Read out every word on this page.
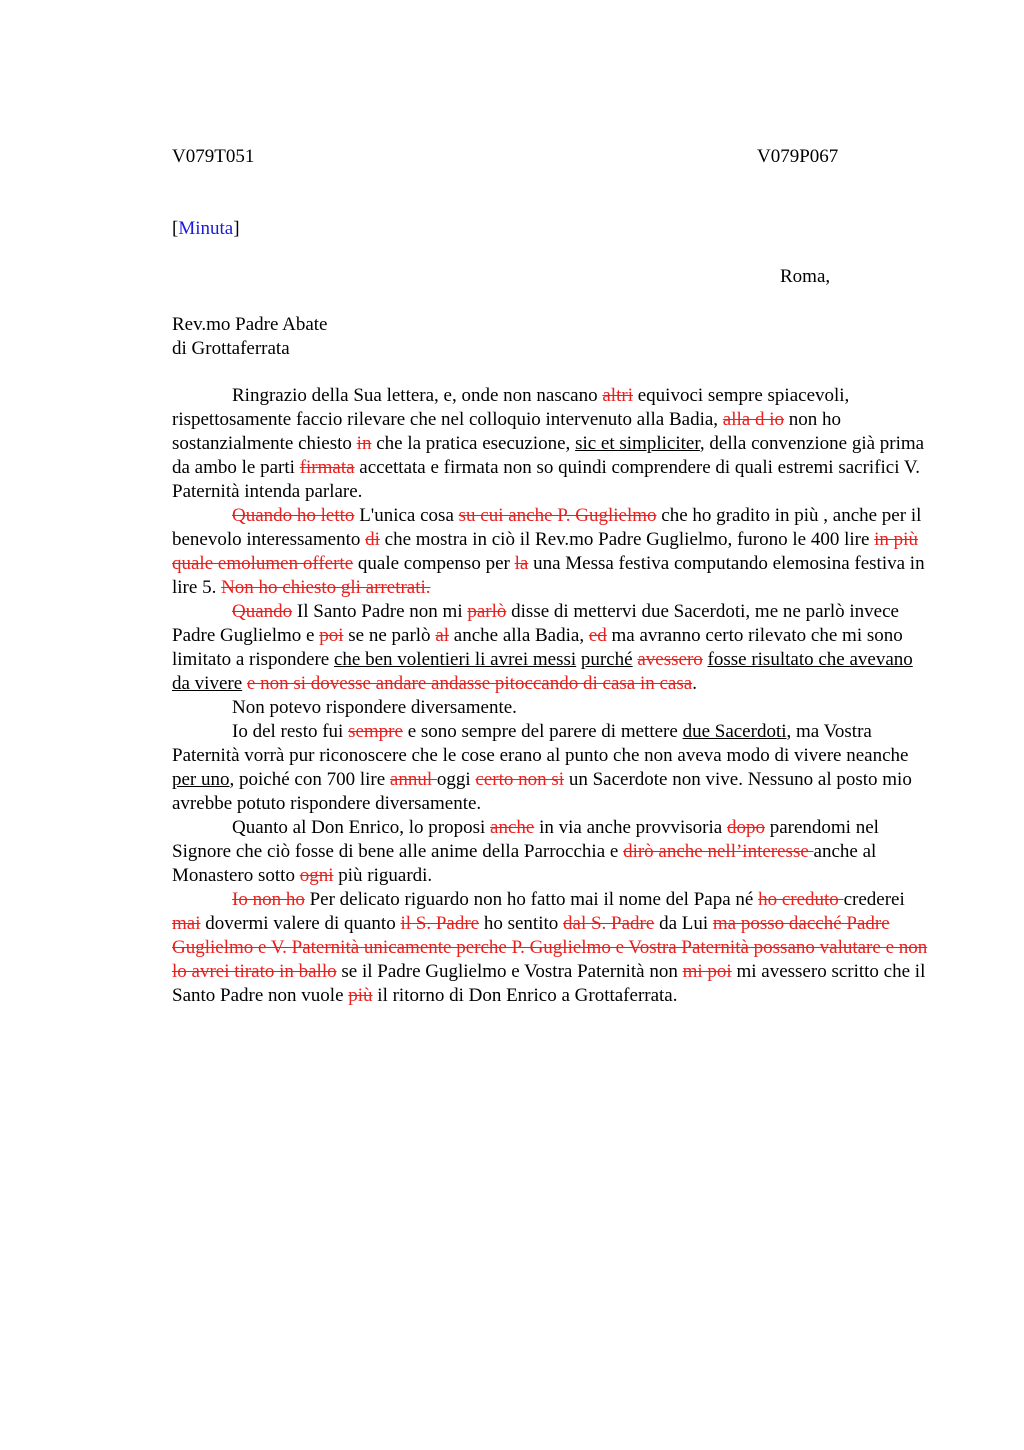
V079T051	V079P067
[Minuta]
Roma,
Rev.mo Padre Abate
di Grottaferrata

Ringrazio della Sua lettera, e, onde non nascano altri equivoci sempre spiacevoli, rispettosamente faccio rilevare che nel colloquio intervenuto alla Badia, alla d io non ho sostanzialmente chiesto in che la pratica esecuzione, sic et simpliciter, della convenzione già prima da ambo le parti firmata accettata e firmata non so quindi comprendere di quali estremi sacrifici V. Paternità intenda parlare.

Quando ho letto L'unica cosa su cui anche P. Guglielmo che ho gradito in più , anche per il benevolo interessamento di che mostra in ciò il Rev.mo Padre Guglielmo, furono le 400 lire in più quale emolumen offerte quale compenso per la una Messa festiva computando elemosina festiva in lire 5. Non ho chiesto gli arretrati.

Quando Il Santo Padre non mi parlò disse di mettervi due Sacerdoti, me ne parlò invece Padre Guglielmo e poi se ne parlò al anche alla Badia, ed ma avranno certo rilevato che mi sono limitato a rispondere che ben volentieri li avrei messi purché avessero fosse risultato che avevano da vivere e non si dovesse andare andasse pitoccando di casa in casa.

Non potevo rispondere diversamente.

Io del resto fui sempre e sono sempre del parere di mettere due Sacerdoti, ma Vostra Paternità vorrà pur riconoscere che le cose erano al punto che non aveva modo di vivere neanche per uno, poiché con 700 lire annul oggi certo non si un Sacerdote non vive. Nessuno al posto mio avrebbe potuto rispondere diversamente.

Quanto al Don Enrico, lo proposi anche in via anche provvisoria dopo parendomi nel Signore che ciò fosse di bene alle anime della Parrocchia e dirò anche nell’interesse anche al Monastero sotto ogni più riguardi.

Io non ho Per delicato riguardo non ho fatto mai il nome del Papa né ho creduto crederei mai dovermi valere di quanto il S. Padre ho sentito dal S. Padre da Lui ma posso dacché Padre Guglielmo e V. Paternità unicamente perche P. Guglielmo e Vostra Paternità possano valutare e non lo avrei tirato in ballo se il Padre Guglielmo e Vostra Paternità non mi poi mi avessero scritto che il Santo Padre non vuole più il ritorno di Don Enrico a Grottaferrata.
